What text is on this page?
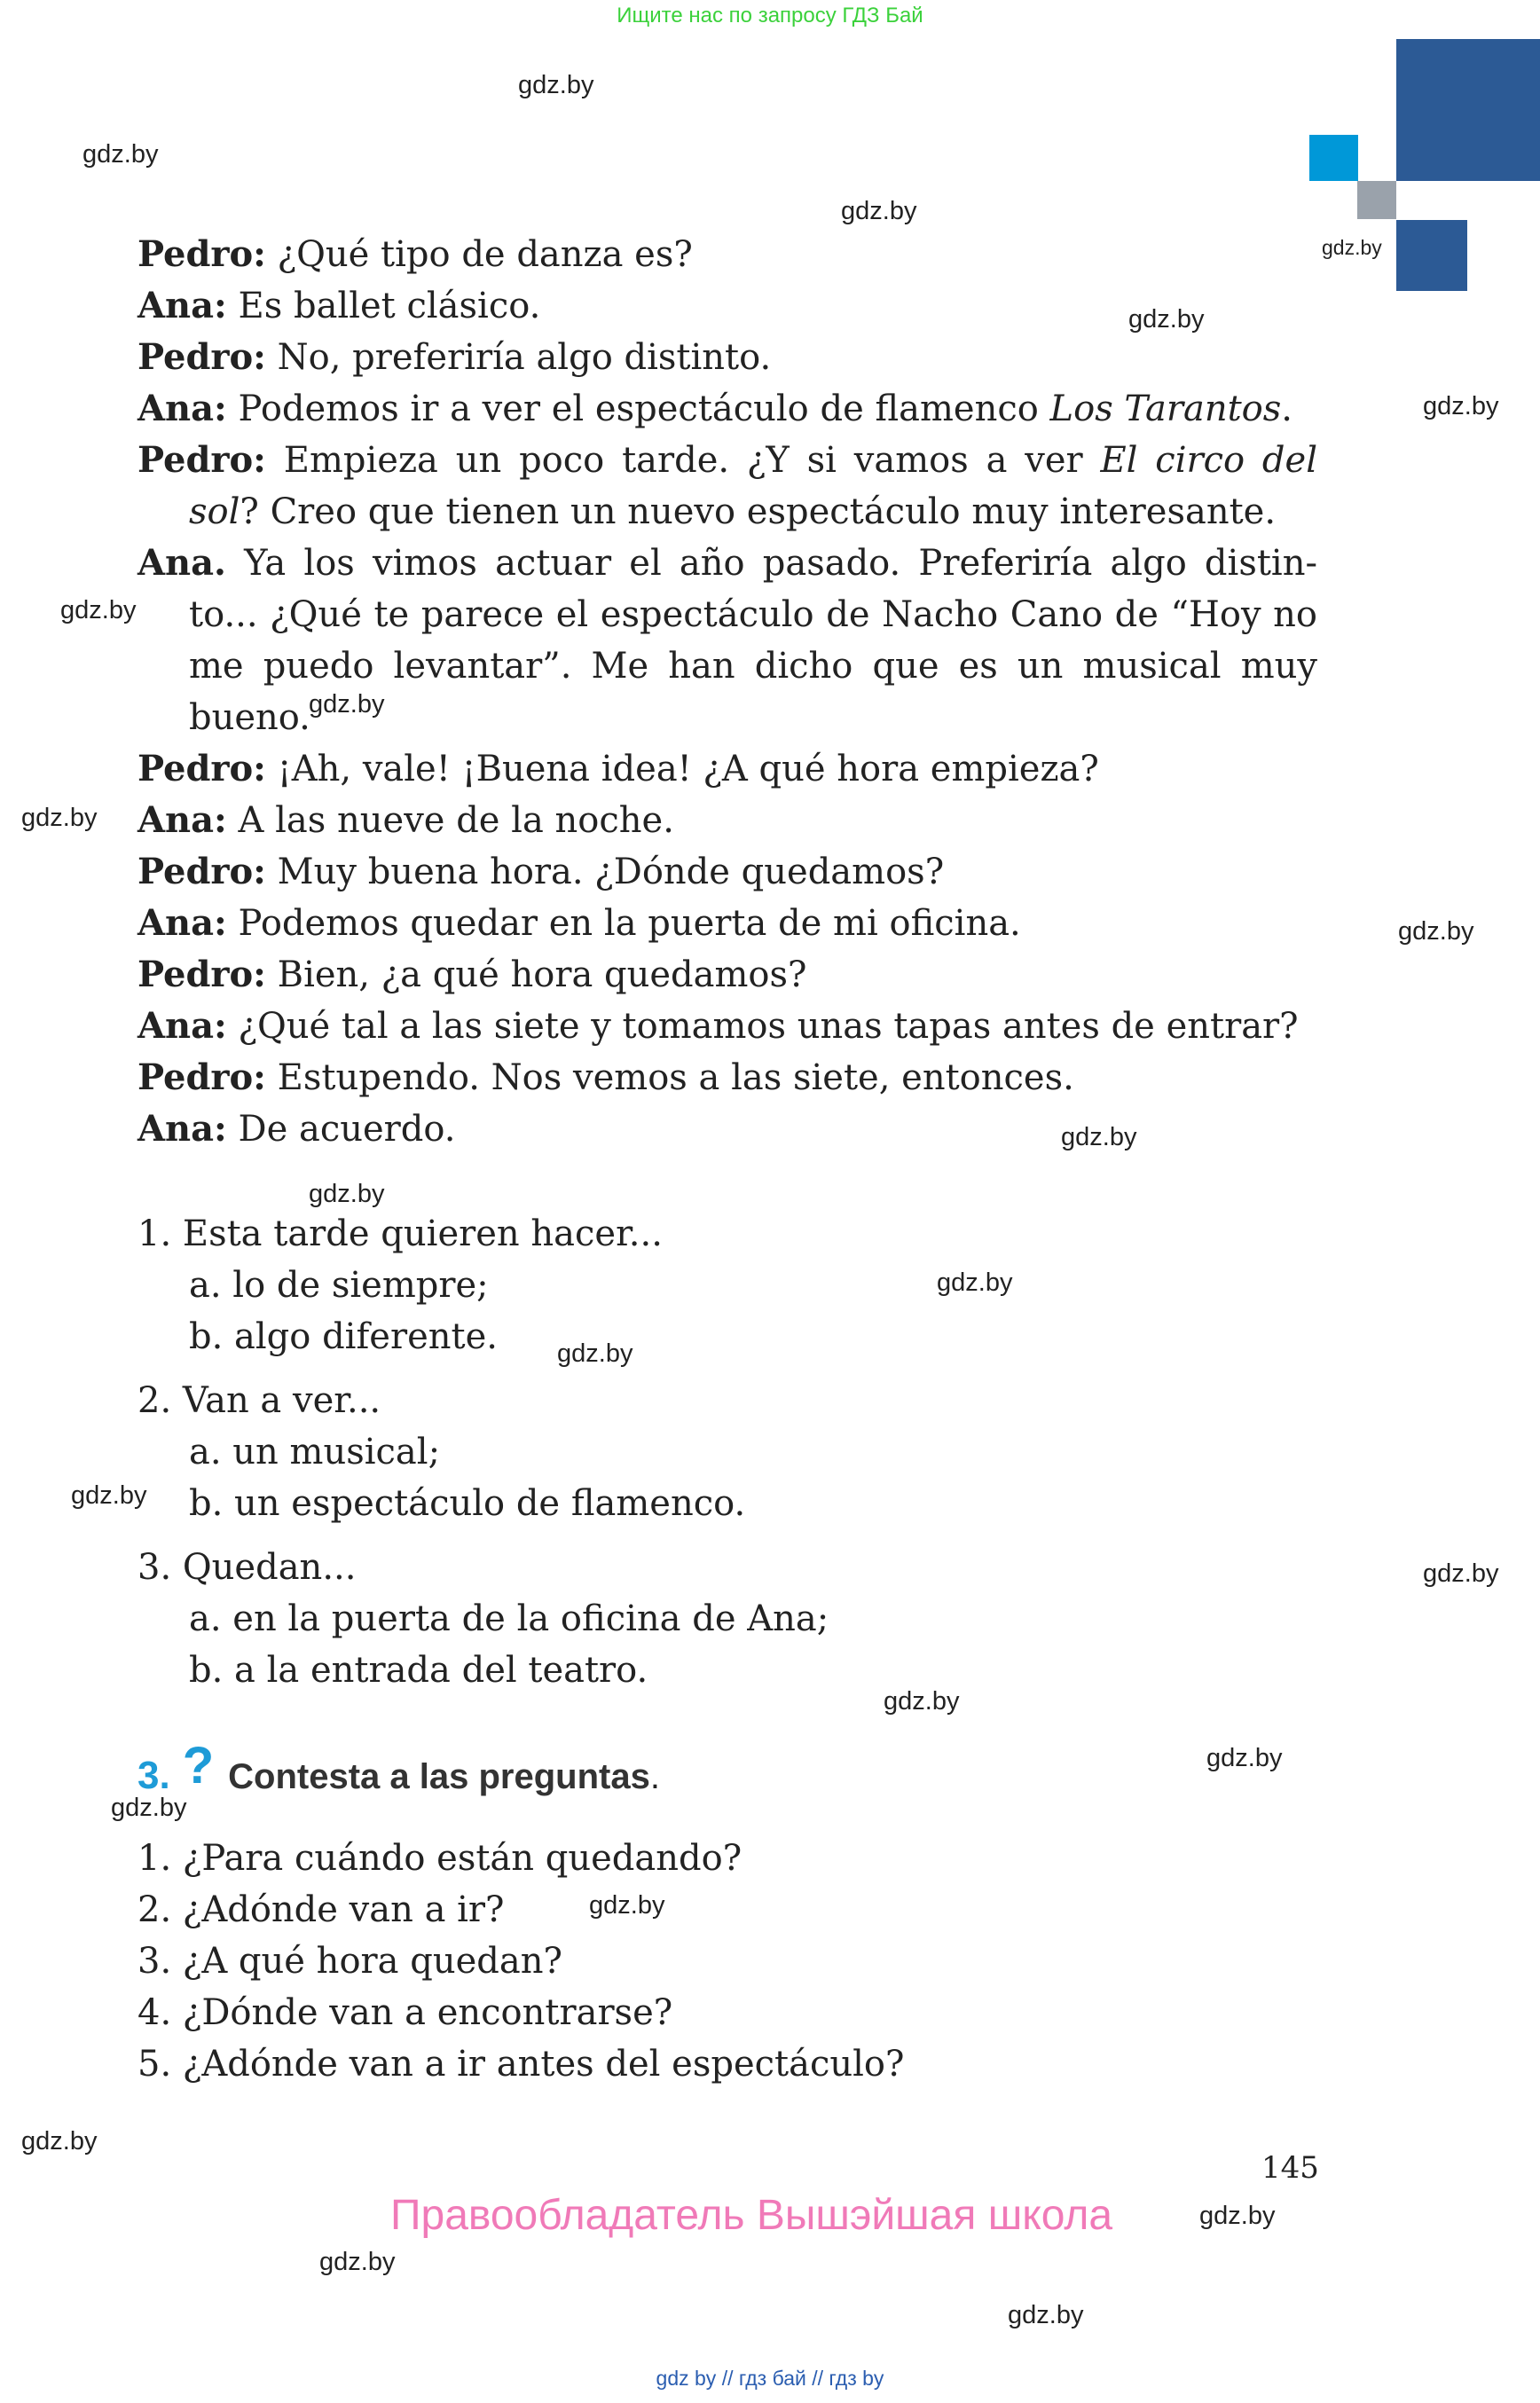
Ищите нас по запросу ГДЗ Бай
gdz.by
gdz.by
gdz.by
gdz.by
gdz.by
gdz.by
gdz.by
gdz.by
gdz.by
gdz.by
gdz.by
gdz.by
gdz.by
gdz.by
gdz.by
gdz.by
gdz.by
gdz.by
gdz.by
gdz.by
gdz.by
gdz.by
gdz.by
gdz.by
Pedro: ¿Qué tipo de danza es?
Ana: Es ballet clásico.
Pedro: No, preferiría algo distinto.
Ana: Podemos ir a ver el espectáculo de flamenco Los Tarantos.
Pedro: Empieza un poco tarde. ¿Y si vamos a ver El circo del
sol? Creo que tienen un nuevo espectáculo muy interesante.
Ana. Ya los vimos actuar el año pasado. Preferiría algo distin-
to... ¿Qué te parece el espectáculo de Nacho Cano de “Hoy no
me puedo levantar”. Me han dicho que es un musical muy
bueno.
Pedro: ¡Ah, vale! ¡Buena idea! ¿A qué hora empieza?
Ana: A las nueve de la noche.
Pedro: Muy buena hora. ¿Dónde quedamos?
Ana: Podemos quedar en la puerta de mi oficina.
Pedro: Bien, ¿a qué hora quedamos?
Ana: ¿Qué tal a las siete y tomamos unas tapas antes de entrar?
Pedro: Estupendo. Nos vemos a las siete, entonces.
Ana: De acuerdo.
1. Esta tarde quieren hacer...
a. lo de siempre;
b. algo diferente.
2. Van a ver...
a. un musical;
b. un espectáculo de flamenco.
3. Quedan...
a. en la puerta de la oficina de Ana;
b. a la entrada del teatro.
3. ? Contesta a las preguntas.
1. ¿Para cuándo están quedando?
2. ¿Adónde van a ir?
3. ¿A qué hora quedan?
4. ¿Dónde van a encontrarse?
5. ¿Adónde van a ir antes del espectáculo?
145
Правообладатель Вышэйшая школа
gdz by // гдз бай // гдз by
